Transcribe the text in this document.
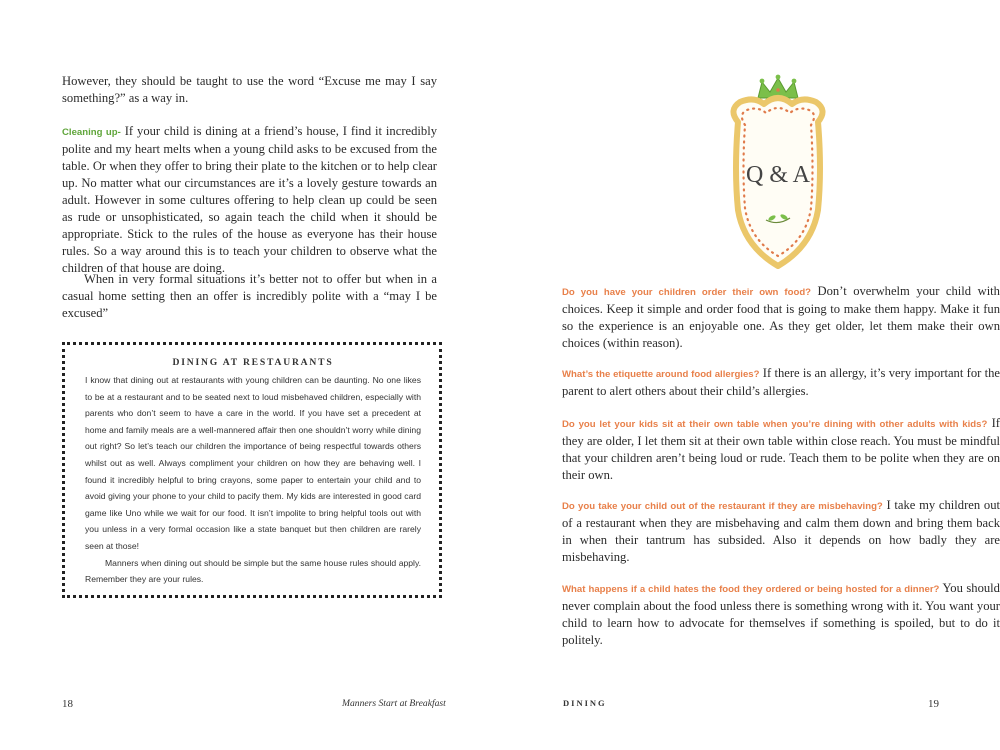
However, they should be taught to use the word “Excuse me may I say something?” as a way in.

Cleaning up- If your child is dining at a friend’s house, I find it incredibly polite and my heart melts when a young child asks to be excused from the table. Or when they offer to bring their plate to the kitchen or to help clear up. No matter what our circumstances are it’s a lovely gesture towards an adult. However in some cultures offering to help clean up could be seen as rude or unsophisticated, so again teach the child when it should be appropriate. Stick to the rules of the house as everyone has their house rules. So a way around this is to teach your children to observe what the children of that house are doing.

When in very formal situations it’s better not to offer but when in a casual home setting then an offer is incredibly polite with a “may I be excused”

DINING AT RESTAURANTS

I know that dining out at restaurants with young children can be daunting. No one likes to be at a restaurant and to be seated next to loud misbehaved children, especially with parents who don’t seem to have a care in the world. If you have set a precedent at home and family meals are a well-mannered affair then one shouldn’t worry while dining out right? So let’s teach our children the importance of being respectful towards others whilst out as well. Always compliment your children on how they are behaving well. I found it incredibly helpful to bring crayons, some paper to entertain your child and to avoid giving your phone to your child to pacify them. My kids are interested in good card game like Uno while we wait for our food. It isn’t impolite to bring helpful tools out with you unless in a very formal occasion like a state banquet but then children are rarely seen at those!

Manners when dining out should be simple but the same house rules should apply. Remember they are your rules.

18	Manners Start at Breakfast
Q & A

Do you have your children order their own food? Don’t overwhelm your child with choices. Keep it simple and order food that is going to make them happy. Make it fun so the experience is an enjoyable one. As they get older, let them make their own choices (within reason).

What’s the etiquette around food allergies? If there is an allergy, it’s very important for the parent to alert others about their child’s allergies.

Do you let your kids sit at their own table when you’re dining with other adults with kids? If they are older, I let them sit at their own table within close reach. You must be mindful that your children aren’t being loud or rude. Teach them to be polite when they are on their own.

Do you take your child out of the restaurant if they are misbehaving? I take my children out of a restaurant when they are misbehaving and calm them down and bring them back in when their tantrum has subsided. Also it depends on how badly they are misbehaving.

What happens if a child hates the food they ordered or being hosted for a dinner? You should never complain about the food unless there is something wrong with it. You want your child to learn how to advocate for themselves if something is spoiled, but to do it politely.

DINING	19
